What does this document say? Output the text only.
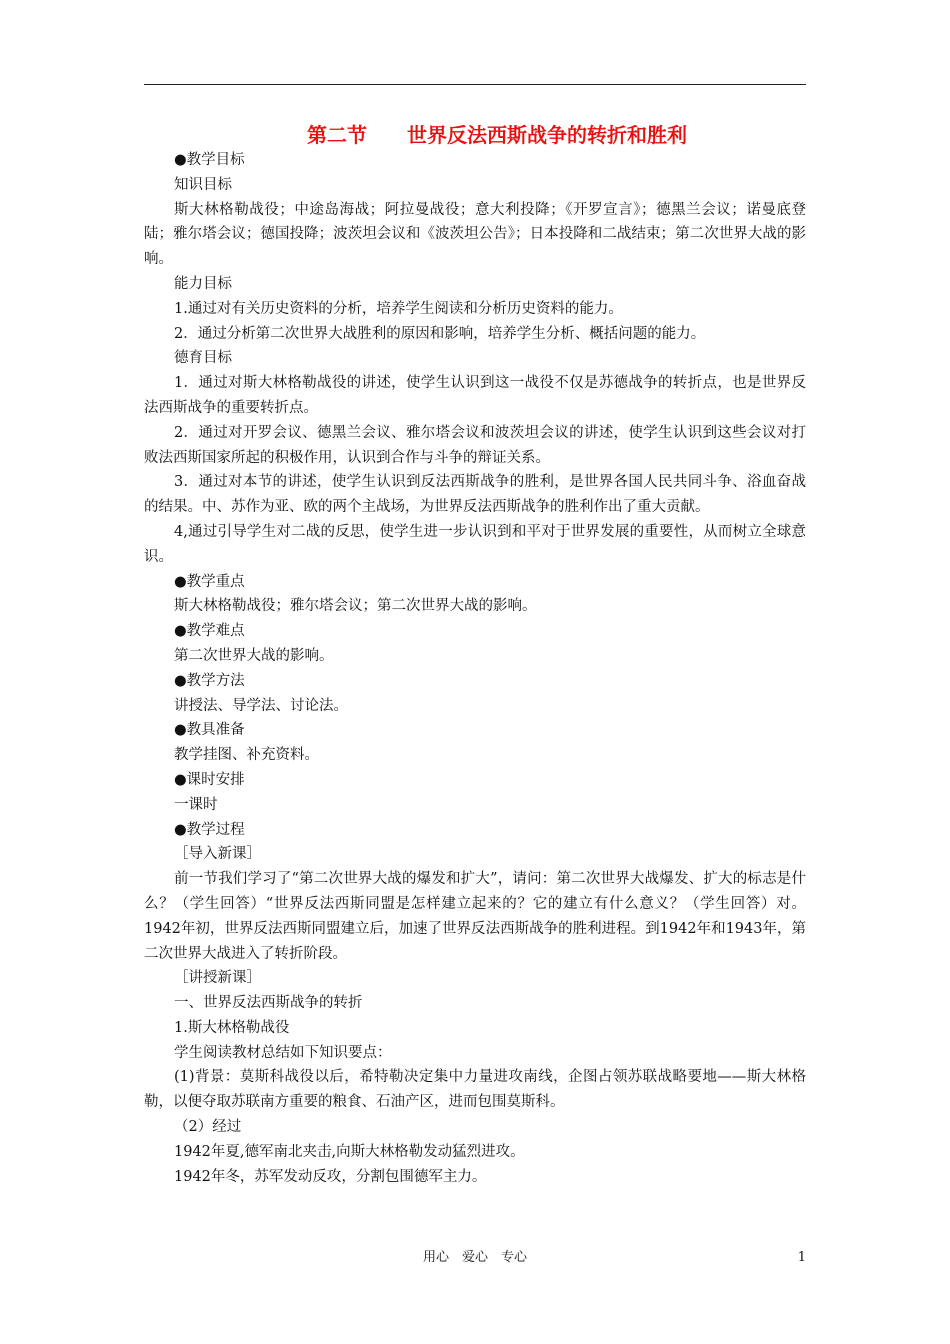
第二节　　世界反法西斯战争的转折和胜利

●教学目标

知识目标

斯大林格勒战役；中途岛海战；阿拉曼战役；意大利投降；《开罗宣言》；德黑兰会议；诺曼底登陆；雅尔塔会议；德国投降；波茨坦会议和《波茨坦公告》；日本投降和二战结束；第二次世界大战的影响。

能力目标

1.通过对有关历史资料的分析，培养学生阅读和分析历史资料的能力。

2．通过分析第二次世界大战胜利的原因和影响，培养学生分析、概括问题的能力。

德育目标

1．通过对斯大林格勒战役的讲述，使学生认识到这一战役不仅是苏德战争的转折点，也是世界反法西斯战争的重要转折点。

2．通过对开罗会议、德黑兰会议、雅尔塔会议和波茨坦会议的讲述，使学生认识到这些会议对打败法西斯国家所起的积极作用，认识到合作与斗争的辩证关系。

3．通过对本节的讲述，使学生认识到反法西斯战争的胜利，是世界各国人民共同斗争、浴血奋战的结果。中、苏作为亚、欧的两个主战场，为世界反法西斯战争的胜利作出了重大贡献。

4,通过引导学生对二战的反思，使学生进一步认识到和平对于世界发展的重要性，从而树立全球意识。

●教学重点

斯大林格勒战役；雅尔塔会议；第二次世界大战的影响。

●教学难点

第二次世界大战的影响。

●教学方法

讲授法、导学法、讨论法。

●教具准备

教学挂图、补充资料。

●课时安排

一课时

●教学过程

［导入新课］

前一节我们学习了“第二次世界大战的爆发和扩大”，请问：第二次世界大战爆发、扩大的标志是什么？（学生回答）“世界反法西斯同盟是怎样建立起来的？它的建立有什么意义？（学生回答）对。1942年初，世界反法西斯同盟建立后，加速了世界反法西斯战争的胜利进程。到1942年和1943年，第二次世界大战进入了转折阶段。

［讲授新课］

一、世界反法西斯战争的转折

1.斯大林格勒战役

学生阅读教材总结如下知识要点：

(1)背景：莫斯科战役以后，希特勒决定集中力量进攻南线，企图占领苏联战略要地——斯大林格勒，以便夺取苏联南方重要的粮食、石油产区，进而包围莫斯科。

（2）经过

1942年夏,德军南北夹击,向斯大林格勒发动猛烈进攻。

1942年冬，苏军发动反攻，分割包围德军主力。

用心　爱心　专心	1
